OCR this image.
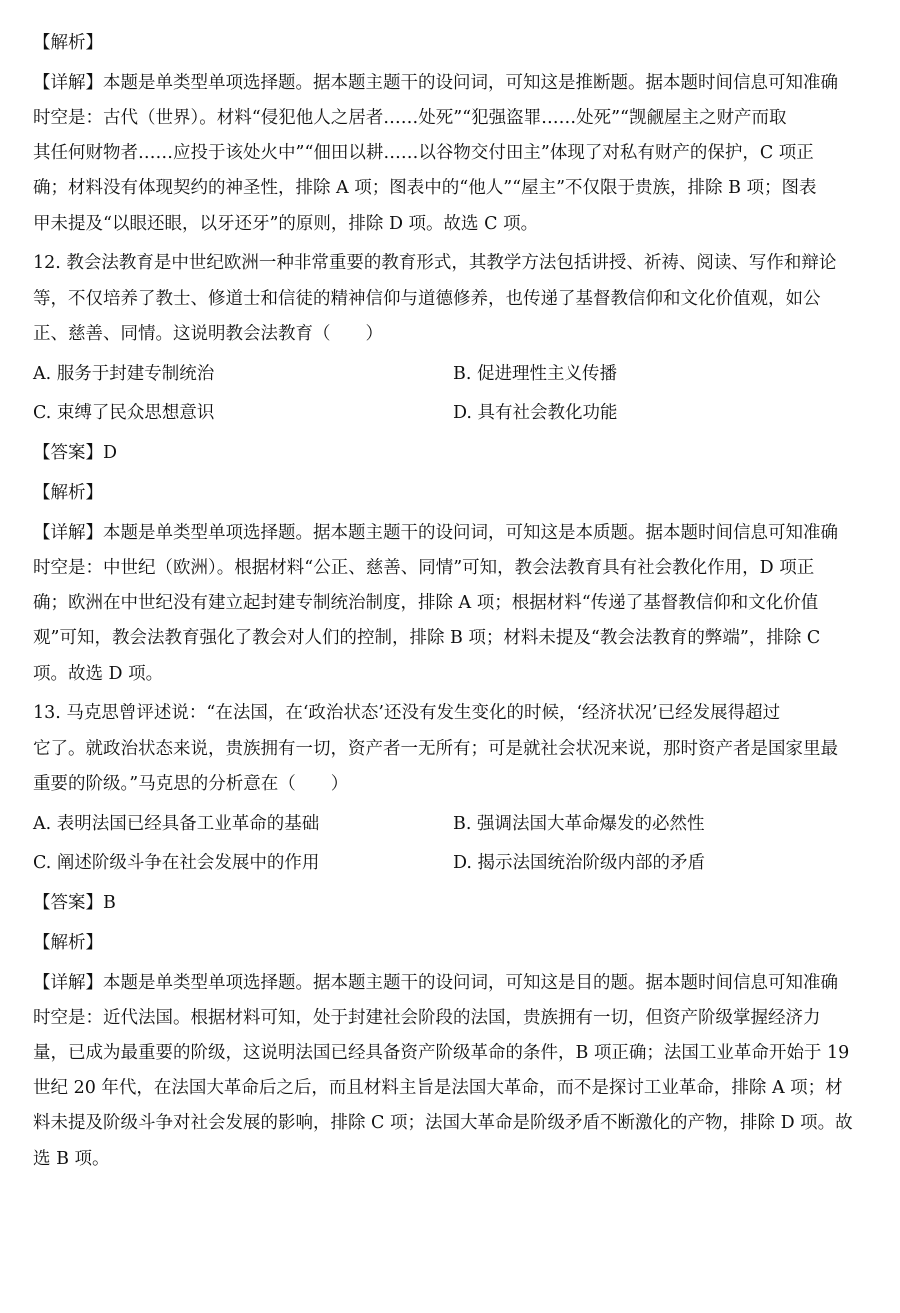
【解析】
【详解】本题是单类型单项选择题。据本题主题干的设问词，可知这是推断题。据本题时间信息可知准确
时空是：古代（世界）。材料“侵犯他人之居者……处死”“犯强盗罪……处死”“觊觎屋主之财产而取
其任何财物者……应投于该处火中”“佃田以耕……以谷物交付田主”体现了对私有财产的保护，C 项正
确；材料没有体现契约的神圣性，排除 A 项；图表中的“他人”“屋主”不仅限于贵族，排除 B 项；图表
甲未提及“以眼还眼，以牙还牙”的原则，排除 D 项。故选 C 项。
12. 教会法教育是中世纪欧洲一种非常重要的教育形式，其教学方法包括讲授、祈祷、阅读、写作和辩论
等，不仅培养了教士、修道士和信徒的精神信仰与道德修养，也传递了基督教信仰和文化价值观，如公
正、慈善、同情。这说明教会法教育（　　）
A. 服务于封建专制统治	B. 促进理性主义传播
C. 束缚了民众思想意识	D. 具有社会教化功能
【答案】D
【解析】
【详解】本题是单类型单项选择题。据本题主题干的设问词，可知这是本质题。据本题时间信息可知准确
时空是：中世纪（欧洲）。根据材料“公正、慈善、同情”可知，教会法教育具有社会教化作用，D 项正
确；欧洲在中世纪没有建立起封建专制统治制度，排除 A 项；根据材料“传递了基督教信仰和文化价值
观”可知，教会法教育强化了教会对人们的控制，排除 B 项；材料未提及“教会法教育的弊端”，排除 C
项。故选 D 项。
13. 马克思曾评述说：“在法国，在‘政治状态’还没有发生变化的时候，‘经济状况’已经发展得超过
它了。就政治状态来说，贵族拥有一切，资产者一无所有；可是就社会状况来说，那时资产者是国家里最
重要的阶级。”马克思的分析意在（　　）
A. 表明法国已经具备工业革命的基础	B. 强调法国大革命爆发的必然性
C. 阐述阶级斗争在社会发展中的作用	D. 揭示法国统治阶级内部的矛盾
【答案】B
【解析】
【详解】本题是单类型单项选择题。据本题主题干的设问词，可知这是目的题。据本题时间信息可知准确
时空是：近代法国。根据材料可知，处于封建社会阶段的法国，贵族拥有一切，但资产阶级掌握经济力
量，已成为最重要的阶级，这说明法国已经具备资产阶级革命的条件，B 项正确；法国工业革命开始于 19
世纪 20 年代，在法国大革命后之后，而且材料主旨是法国大革命，而不是探讨工业革命，排除 A 项；材
料未提及阶级斗争对社会发展的影响，排除 C 项；法国大革命是阶级矛盾不断激化的产物，排除 D 项。故
选 B 项。
